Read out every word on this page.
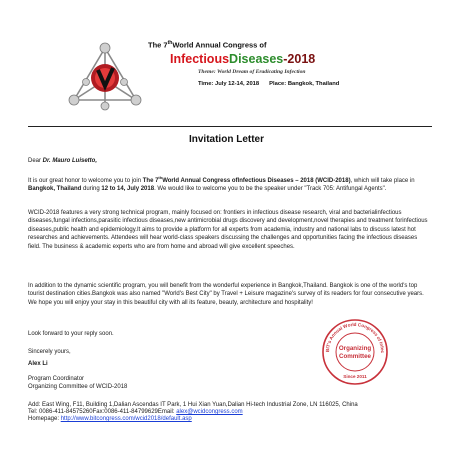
The 7thWorld Annual Congress of
InfectiousDiseases-2018
Theme: World Dream of Eradicating Infection
Time: July 12-14, 2018 Place: Bangkok, Thailand
Invitation Letter
Dear Dr. Mauro Luisetto,
It is our great honor to welcome you to join The 7thWorld Annual Congress ofInfectious Diseases – 2018 (WCID-2018), which will take place in Bangkok, Thailand during 12 to 14, July 2018. We would like to welcome you to be the speaker under "Track 705: Antifungal Agents".
WCID-2018 features a very strong technical program, mainly focused on: frontiers in infectious disease research, viral and bacterialinfectious diseases,fungal infections,parasitic infectious diseases,new antimicrobial drugs discovery and development,novel therapies and treatment forinfectious diseases,public health and epidemiology.It aims to provide a platform for all experts from academia, industry and national labs to discuss latest hot researches and achievements. Attendees will hear world-class speakers discussing the challenges and opportunities facing the infectious diseases field. The business & academic experts who are from home and abroad will give excellent speeches.
In addition to the dynamic scientific program, you will benefit from the wonderful experience in Bangkok,Thailand. Bangkok is one of the world's top tourist destination cities.Bangkok was also named "World's Best City" by Travel + Leisure magazine's survey of its readers for four consecutive years. We hope you will enjoy your stay in this beautiful city with all its feature, beauty, architecture and hospitality!
Look forward to your reply soon.
Sincerely yours,
Alex Li
Program Coordinator
Organizing Committee of WCID-2018
Add: East Wing, F11, Building 1,Dalian Ascendas IT Park, 1 Hui Xian Yuan,Dalian Hi-tech Industrial Zone, LN 116025, China
Tel: 0086-411-84575260Fax:0086-411-84799629Email: alex@wcidcongress.com
Homepage: http://www.bitcongress.com/wcid2018/default.asp
BIT's Annual World Congress of Infec
Organizing
Committee
Since 2011
